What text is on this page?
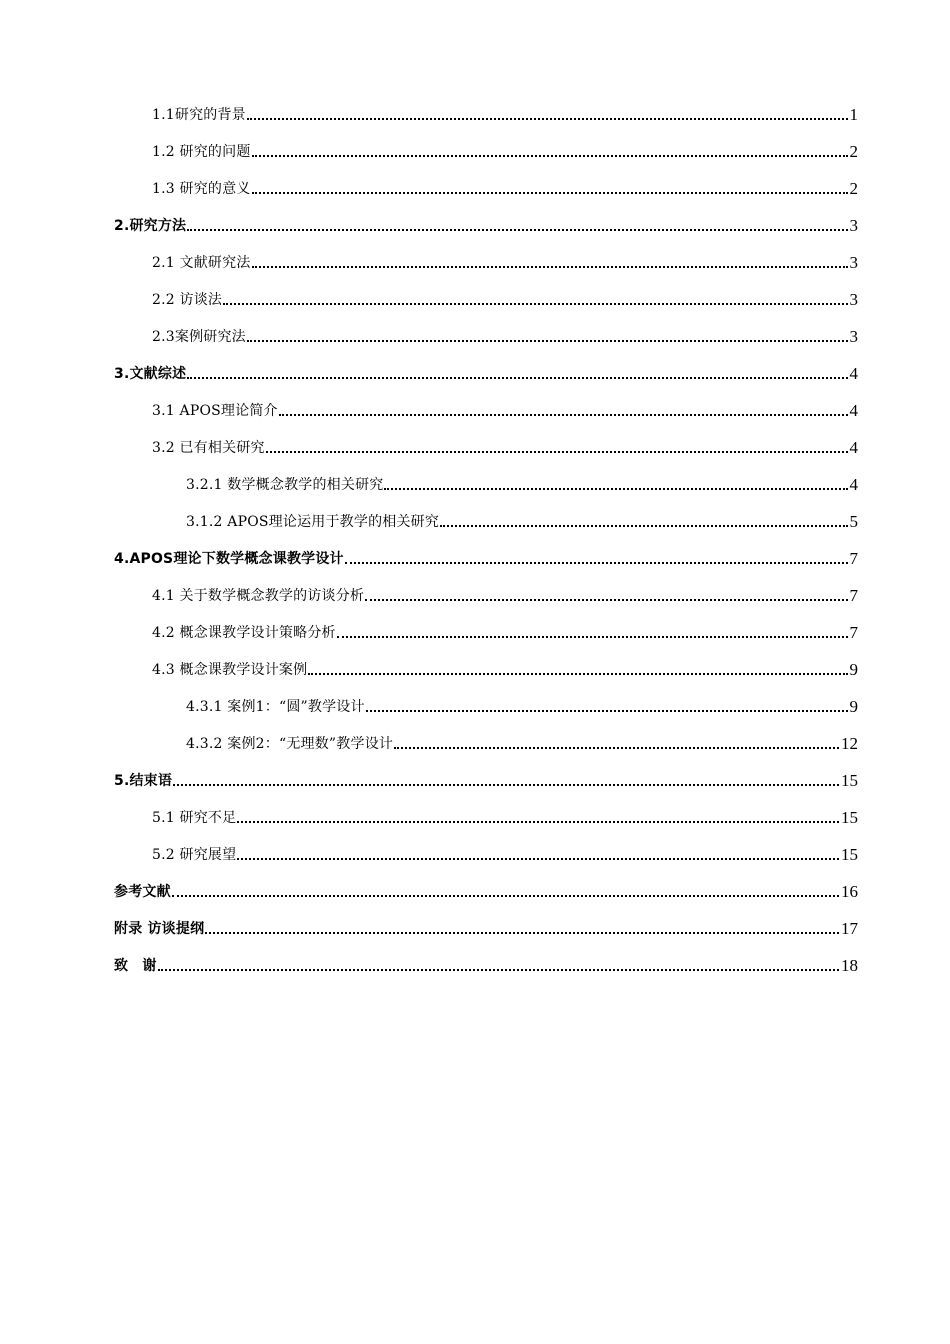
1.1研究的背景	1
1.2 研究的问题	2
1.3 研究的意义	2
2.研究方法	3
2.1 文献研究法	3
2.2 访谈法	3
2.3案例研究法	3
3.文献综述	4
3.1 APOS理论简介	4
3.2 已有相关研究	4
3.2.1 数学概念教学的相关研究	4
3.1.2 APOS理论运用于教学的相关研究	5
4.APOS理论下数学概念课教学设计	7
4.1 关于数学概念教学的访谈分析	7
4.2 概念课教学设计策略分析	7
4.3 概念课教学设计案例	9
4.3.1 案例1：“圆”教学设计	9
4.3.2 案例2：“无理数”教学设计	12
5.结束语	15
5.1 研究不足	15
5.2 研究展望	15
参考文献	16
附录 访谈提纲	17
致　谢	18
